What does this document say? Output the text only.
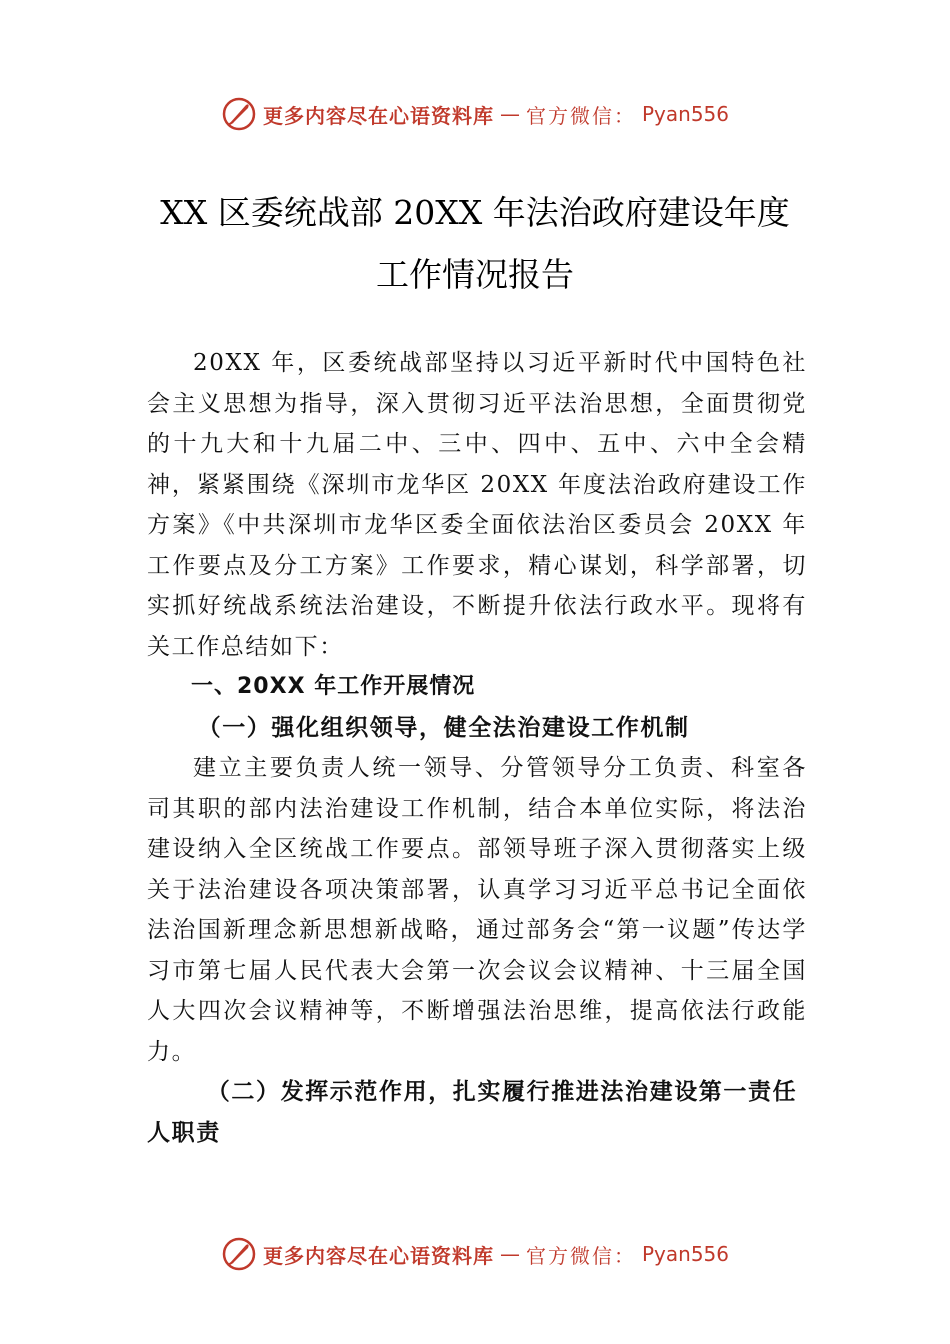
更多内容尽在心语资料库 — 官方微信： Pyan556
XX 区委统战部 20XX 年法治政府建设年度
工作情况报告

20XX 年，区委统战部坚持以习近平新时代中国特色社会主义思想为指导，深入贯彻习近平法治思想，全面贯彻党的十九大和十九届二中、三中、四中、五中、六中全会精神，紧紧围绕《深圳市龙华区 20XX 年度法治政府建设工作方案》《中共深圳市龙华区委全面依法治区委员会 20XX 年工作要点及分工方案》工作要求，精心谋划，科学部署，切实抓好统战系统法治建设，不断提升依法行政水平。现将有关工作总结如下：

一、20XX 年工作开展情况
（一）强化组织领导，健全法治建设工作机制

建立主要负责人统一领导、分管领导分工负责、科室各司其职的部内法治建设工作机制，结合本单位实际，将法治建设纳入全区统战工作要点。部领导班子深入贯彻落实上级关于法治建设各项决策部署，认真学习习近平总书记全面依法治国新理念新思想新战略，通过部务会“第一议题”传达学习市第七届人民代表大会第一次会议会议精神、十三届全国人大四次会议精神等，不断增强法治思维，提高依法行政能力。

（二）发挥示范作用，扎实履行推进法治建设第一责任人职责
更多内容尽在心语资料库 — 官方微信： Pyan556
